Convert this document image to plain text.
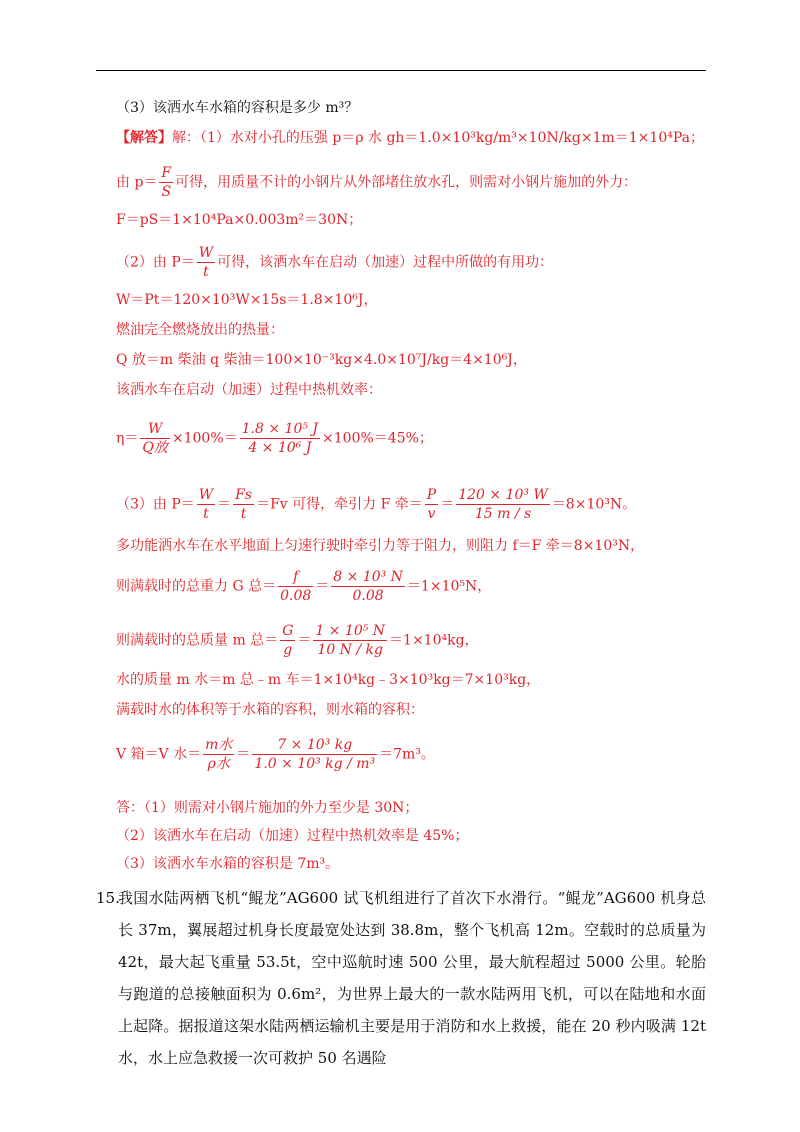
（3）该洒水车水箱的容积是多少 m³？
【解答】解：（1）水对小孔的压强 p＝ρ 水 gh＝1.0×10³kg/m³×10N/kg×1m＝1×10⁴Pa；
由 $p= \frac{F}{S}$ 可得，用质量不计的小钢片从外部堵住放水孔，则需对小钢片施加的外力：
F＝pS＝1×10⁴Pa×0.003m²＝30N；
（2）由 $P= \frac{W}{t}$ 可得，该洒水车在启动（加速）过程中所做的有用功：
W＝Pt＝120×10³W×15s＝1.8×10⁶J，
燃油完全燃烧放出的热量：
Q 放＝m 柴油 q 柴油＝100×10⁻³kg×4.0×10⁷J/kg＝4×10⁶J，
该洒水车在启动（加速）过程中热机效率：
$\eta= \frac{W}{\text{Q放}} \times 100\%= \frac{\text{1.8 × 10⁵ J}}{\text{4 × 10⁶ J}} \times 100\%=45\%$；
（3）由 $P= \frac{W}{t} = \frac{Fs}{t} =Fv$ 可得，牵引力 F 牵＝ $\frac{P}{v} = \frac{\text{120 × 10³ W}}{15 m / s} =8\times 10^3N$。
多功能洒水车在水平地面上匀速行驶时牵引力等于阻力，则阻力 f＝F 牵＝8×10³N，
则满载时的总重力 G 总＝ $\frac{f}{0.08} = \frac{\text{8 × 10³ N}}{0.08} =1\times 10^5N$，
则满载时的总质量 m 总＝ $\frac{G}{g} = \frac{\text{1 × 10⁵ N}}{10 N / kg} =1\times 10^4kg$，
水的质量 m 水＝m 总﹣m 车＝1×10⁴kg﹣3×10³kg＝7×10³kg，
满载时水的体积等于水箱的容积，则水箱的容积：
V 箱＝V 水＝ $\frac{\text{m水}}{\text{ρ水}} = \frac{\text{7 × 10³ kg}}{\text{1.0 × 10³ kg / m³}} =7m^3$。
答：（1）则需对小钢片施加的外力至少是 30N；
（2）该洒水车在启动（加速）过程中热机效率是 45%；
（3）该洒水车水箱的容积是 7m³。
15.
我国水陆两栖飞机“鲲龙”AG600 试飞机组进行了首次下水滑行。“鲲龙”AG600 机身总长 37m，翼展超过机身长度最宽处达到 38.8m，整个飞机高 12m。空载时的总质量为 42t，最大起飞重量 53.5t，空中巡航时速 500 公里，最大航程超过 5000 公里。轮胎与跑道的总接触面积为 0.6m²，为世界上最大的一款水陆两用飞机，可以在陆地和水面上起降。据报道这架水陆两栖运输机主要是用于消防和水上救援，能在 20 秒内吸满 12t 水，水上应急救援一次可救护 50 名遇险
